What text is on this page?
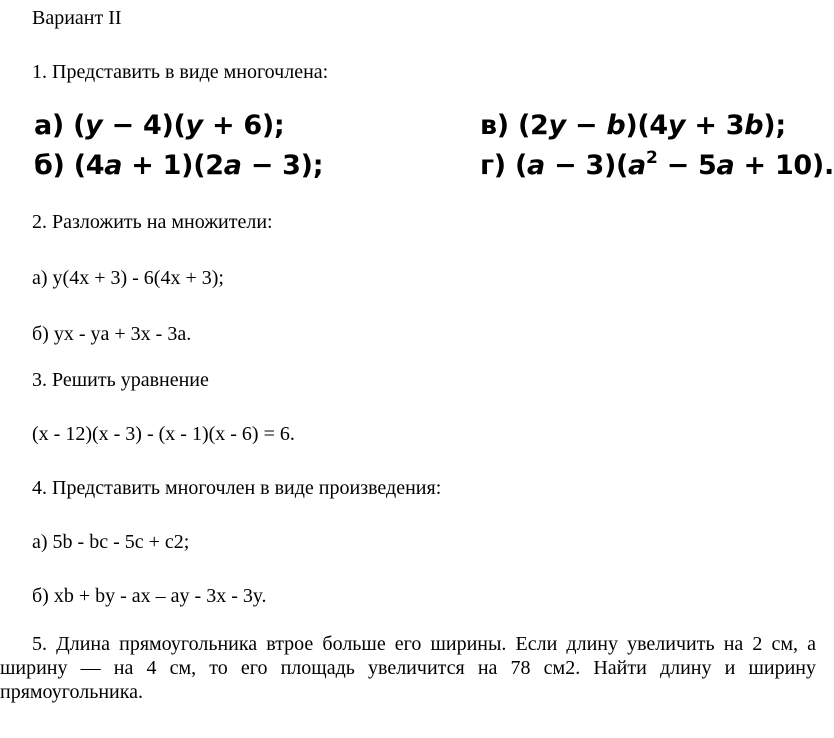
Вариант II
1. Представить в виде многочлена:
а) (y − 4)(y + 6);	в) (2y − b)(4y + 3b);
б) (4a + 1)(2a − 3);	г) $(a - 3)(a^2 - 5a + 10)$.
2. Разложить на множители:
а) y(4x + 3) - 6(4x + 3);
б) yx - ya + 3x - 3a.
3. Решить уравнение
(x - 12)(x - 3) - (x - 1)(x - 6) = 6.
4. Представить многочлен в виде произведения:
а) 5b - bc - 5c + c2;
б) xb + by - ax – ay - 3x - 3y.
5. Длина прямоугольника втрое больше его ширины. Если длину увеличить на 2 см, а ширину — на 4 см, то его площадь увеличится на 78 см2. Найти длину и ширину прямоугольника.
